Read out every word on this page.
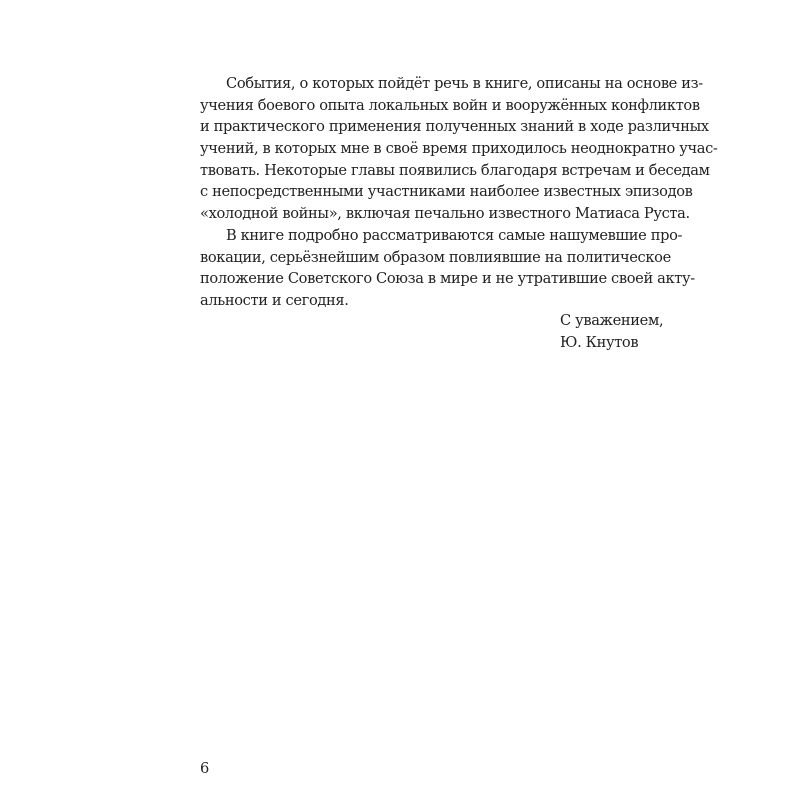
События, о которых пойдёт речь в книге, описаны на основе из-
учения боевого опыта локальных войн и вооружённых конфликтов
и практического применения полученных знаний в ходе различных
учений, в которых мне в своё время приходилось неоднократно учас-
твовать. Некоторые главы появились благодаря встречам и беседам
с непосредственными участниками наиболее известных эпизодов
«холодной войны», включая печально известного Матиаса Руста.
В книге подробно рассматриваются самые нашумевшие про-
вокации, серьёзнейшим образом повлиявшие на политическое
положение Советского Союза в мире и не утратившие своей акту-
альности и сегодня.
С уважением,
Ю. Кнутов
6
